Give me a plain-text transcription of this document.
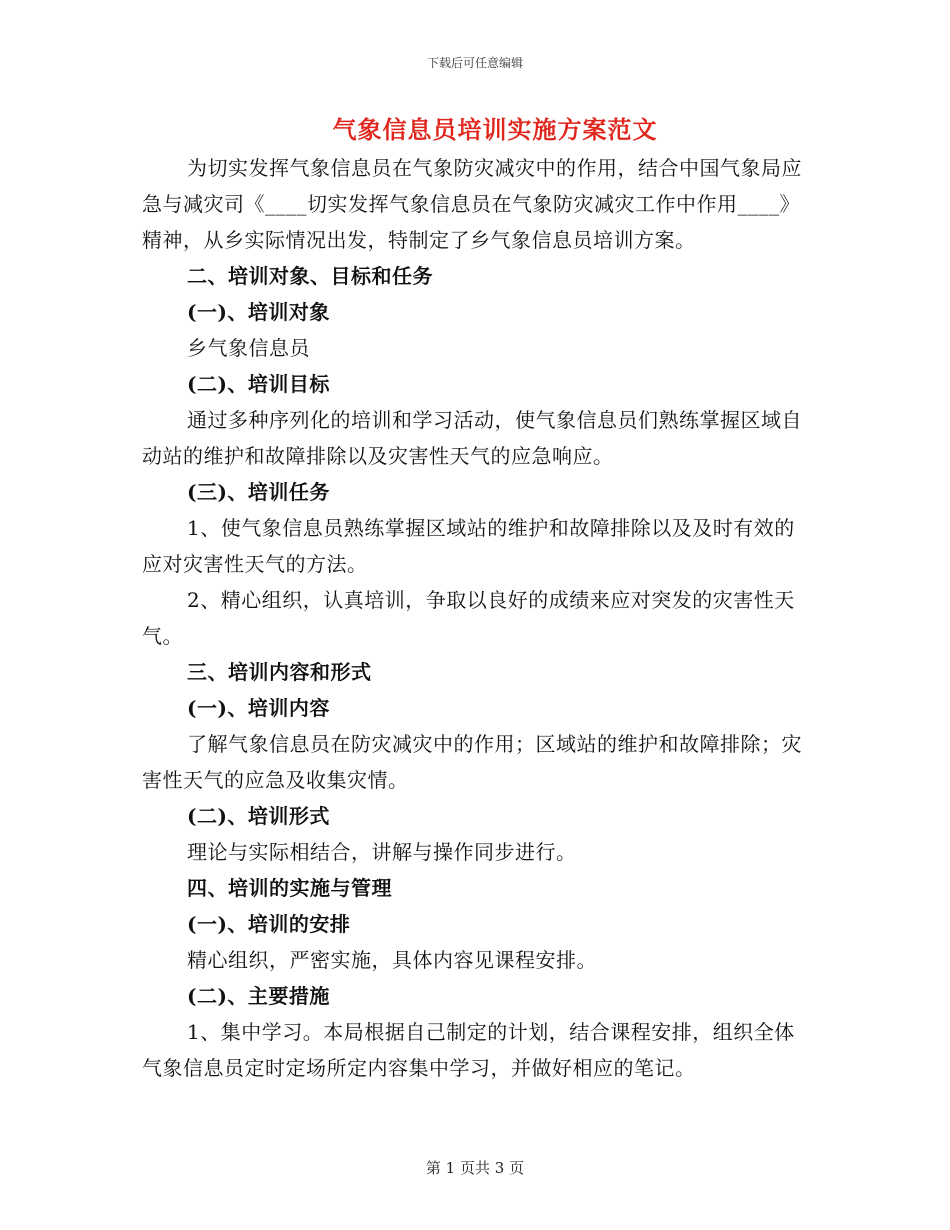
下载后可任意编辑
气象信息员培训实施方案范文

为切实发挥气象信息员在气象防灾减灾中的作用，结合中国气象局应急与减灾司《____切实发挥气象信息员在气象防灾减灾工作中作用____》精神，从乡实际情况出发，特制定了乡气象信息员培训方案。

二、培训对象、目标和任务

(一)、培训对象

乡气象信息员

(二)、培训目标

通过多种序列化的培训和学习活动，使气象信息员们熟练掌握区域自动站的维护和故障排除以及灾害性天气的应急响应。

(三)、培训任务

1、使气象信息员熟练掌握区域站的维护和故障排除以及及时有效的应对灾害性天气的方法。

2、精心组织，认真培训，争取以良好的成绩来应对突发的灾害性天气。

三、培训内容和形式

(一)、培训内容

了解气象信息员在防灾减灾中的作用；区域站的维护和故障排除；灾害性天气的应急及收集灾情。

(二)、培训形式

理论与实际相结合，讲解与操作同步进行。

四、培训的实施与管理

(一)、培训的安排

精心组织，严密实施，具体内容见课程安排。

(二)、主要措施

1、集中学习。本局根据自己制定的计划，结合课程安排，组织全体气象信息员定时定场所定内容集中学习，并做好相应的笔记。

第 1 页共 3 页
